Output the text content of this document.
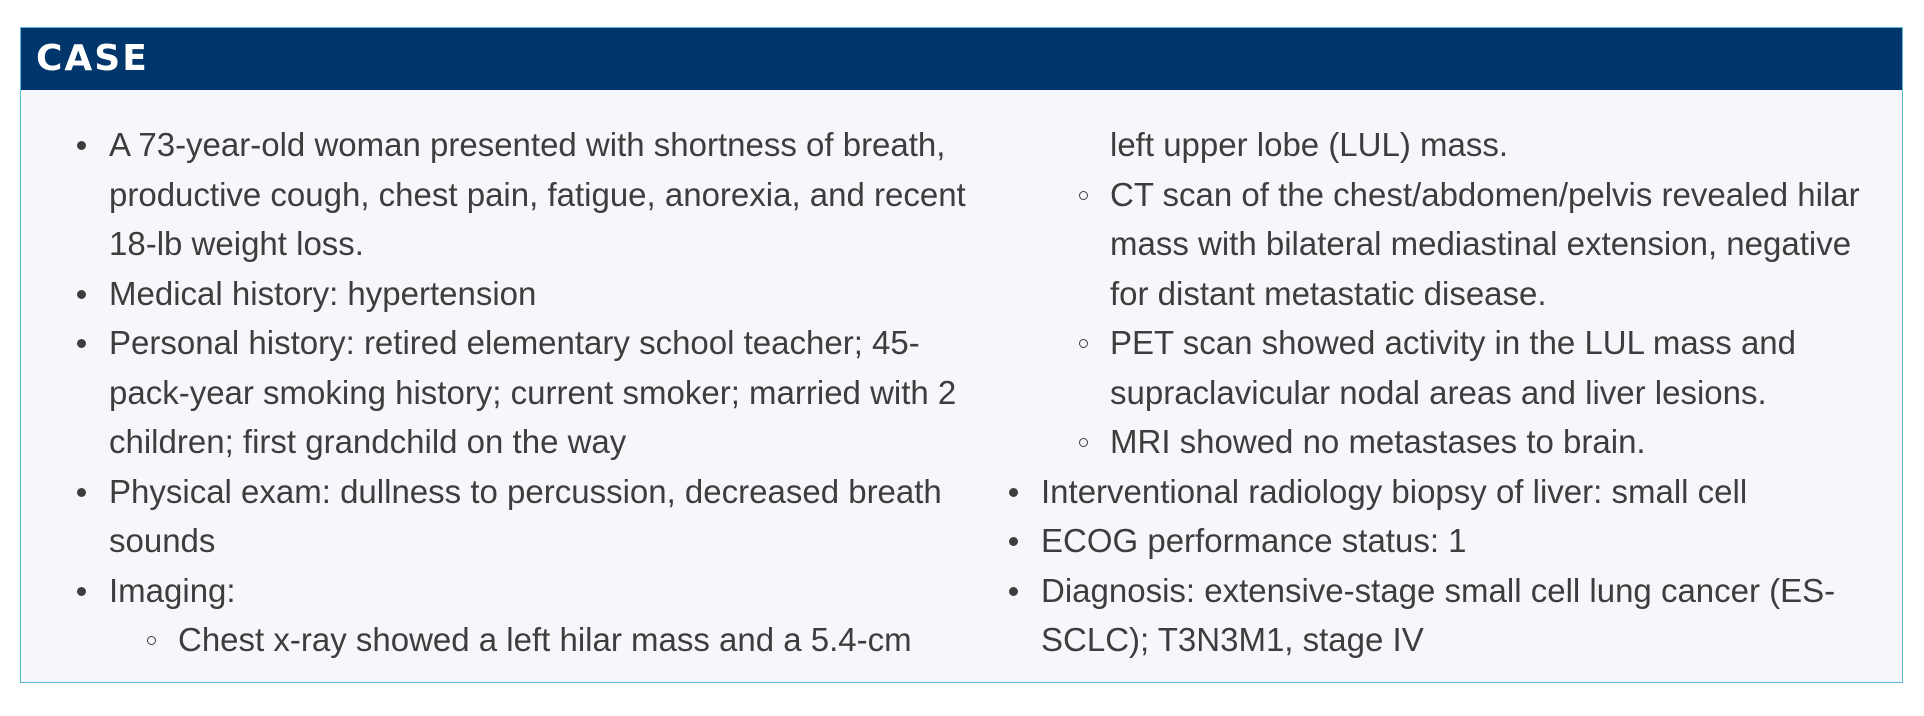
CASE
A 73-year-old woman presented with shortness of breath, productive cough, chest pain, fatigue, anorexia, and recent 18-lb weight loss.
Medical history: hypertension
Personal history: retired elementary school teacher; 45-pack-year smoking history; current smoker; married with 2 children; first grandchild on the way
Physical exam: dullness to percussion, decreased breath sounds
Imaging:
Chest x-ray showed a left hilar mass and a 5.4-cm
left upper lobe (LUL) mass.
CT scan of the chest/abdomen/pelvis revealed hilar mass with bilateral mediastinal extension, negative for distant metastatic disease.
PET scan showed activity in the LUL mass and supraclavicular nodal areas and liver lesions.
MRI showed no metastases to brain.
Interventional radiology biopsy of liver: small cell
ECOG performance status: 1
Diagnosis: extensive-stage small cell lung cancer (ES-SCLC); T3N3M1, stage IV
